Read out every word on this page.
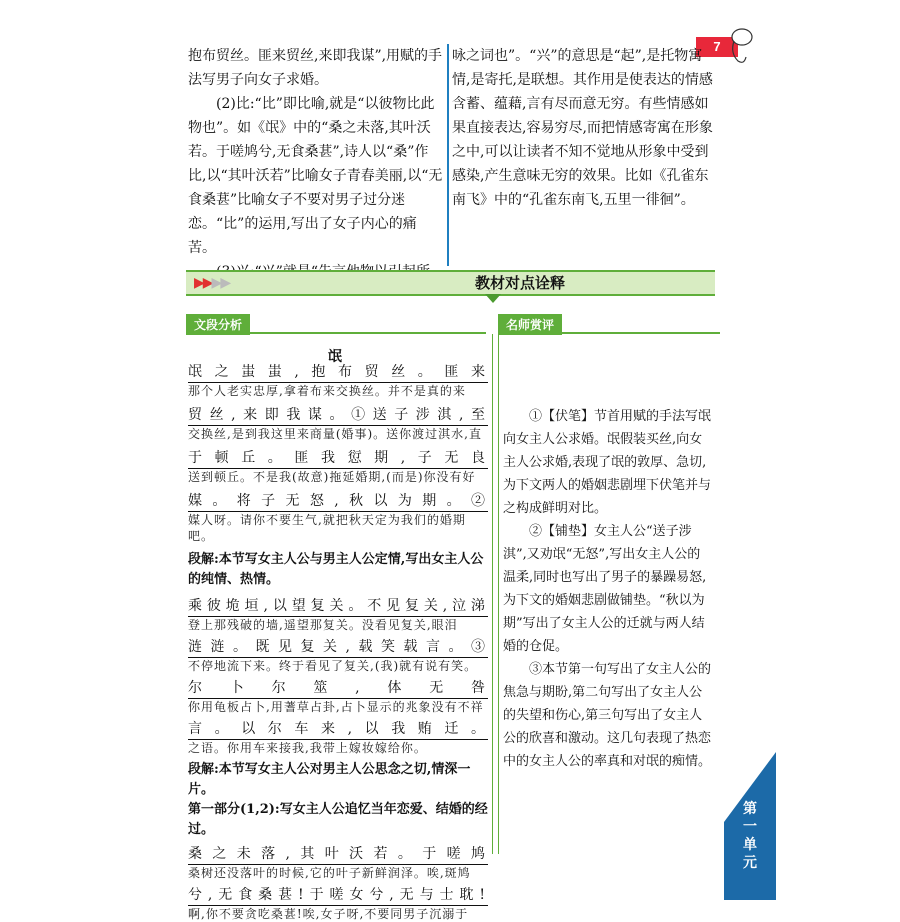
7

抱布贸丝。匪来贸丝,来即我谋”,用赋的手法写男子向女子求婚。

(2)比:“比”即比喻,就是“以彼物比此物也”。如《氓》中的“桑之未落,其叶沃若。于嗟鸠兮,无食桑葚”,诗人以“桑”作比,以“其叶沃若”比喻女子青春美丽,以“无食桑葚”比喻女子不要对男子过分迷恋。“比”的运用,写出了女子内心的痛苦。

咏之词也”。“兴”的意思是“起”,是托物寓情,是寄托,是联想。其作用是使表达的情感含蓄、蕴藉,言有尽而意无穷。有些情感如果直接表达,容易穷尽,而把情感寄寓在形象之中,可以让读者不知不觉地从形象中受到感染,产生意味无穷的效果。比如《孔雀东南飞》中的“孔雀东南飞,五里一徘徊”。

▶▶▶▶	教材对点诠释
文段分析	名师赏评
氓
氓之蚩蚩,抱布贸丝。匪来
那个人老实忠厚,拿着布来交换丝。并不是真的来
贸丝,来即我谋。①送子涉淇,至
交换丝,是到我这里来商量(婚事)。送你渡过淇水,直
于顿丘。匪我愆期,子无良
送到顿丘。不是我(故意)拖延婚期,(而是)你没有好
媒。将子无怒,秋以为期。②
媒人呀。请你不要生气,就把秋天定为我们的婚期吧。
段解:本节写女主人公与男主人公定情,写出女主人公的纯情、热情。
乘彼垝垣,以望复关。不见复关,泣涕
登上那残破的墙,遥望那复关。没看见复关,眼泪
涟涟。既见复关,载笑载言。③
不停地流下来。终于看见了复关,(我)就有说有笑。
尔卜尔筮,体无咎
你用龟板占卜,用蓍草占卦,占卜显示的兆象没有不祥
言。以尔车来,以我贿迁。
之语。你用车来接我,我带上嫁妆嫁给你。
段解:本节写女主人公对男主人公思念之切,情深一片。
第一部分(1,2):写女主人公追忆当年恋爱、结婚的经过。
桑之未落,其叶沃若。于嗟鸠
桑树还没落叶的时候,它的叶子新鲜润泽。唉,斑鸠
兮,无食桑葚!于嗟女兮,无与士耽!
啊,你不要贪吃桑葚!唉,女子呀,不要同男子沉溺于

①【伏笔】节首用赋的手法写氓向女主人公求婚。氓假装买丝,向女主人公求婚,表现了氓的敦厚、急切,为下文两人的婚姻悲剧埋下伏笔并与之构成鲜明对比。

②【铺垫】女主人公“送子涉淇”,又劝氓“无怒”,写出女主人公的温柔,同时也写出了男子的暴躁易怒,为下文的婚姻悲剧做铺垫。“秋以为期”写出了女主人公的迁就与两人结婚的仓促。

③本节第一句写出了女主人公的焦急与期盼,第二句写出了女主人公的失望和伤心,第三句写出了女主人公的欣喜和激动。这几句表现了热恋中的女主人公的率真和对氓的痴情。

第一单元
